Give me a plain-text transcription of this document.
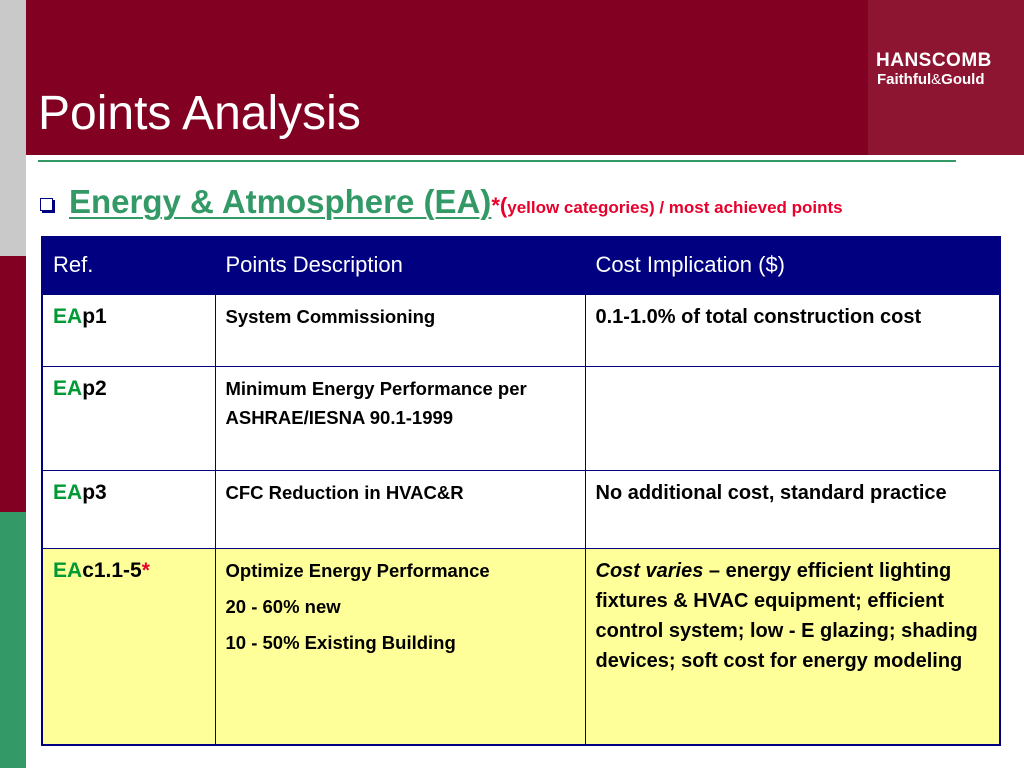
Points Analysis
HANSCOMB
Faithful&Gould
Energy & Atmosphere (EA)*(yellow categories) / most achieved points
Ref.	Points Description	Cost Implication ($)
EAp1	System Commissioning	0.1-1.0% of total construction cost
EAp2	Minimum Energy Performance per ASHRAE/IESNA 90.1-1999	
EAp3	CFC Reduction in HVAC&R	No additional cost, standard practice
EAc1.1-5*	Optimize Energy Performance

20 - 60% new

10 - 50% Existing Building	Cost varies – energy efficient lighting fixtures & HVAC equipment; efficient control system; low - E glazing; shading devices; soft cost for energy modeling
